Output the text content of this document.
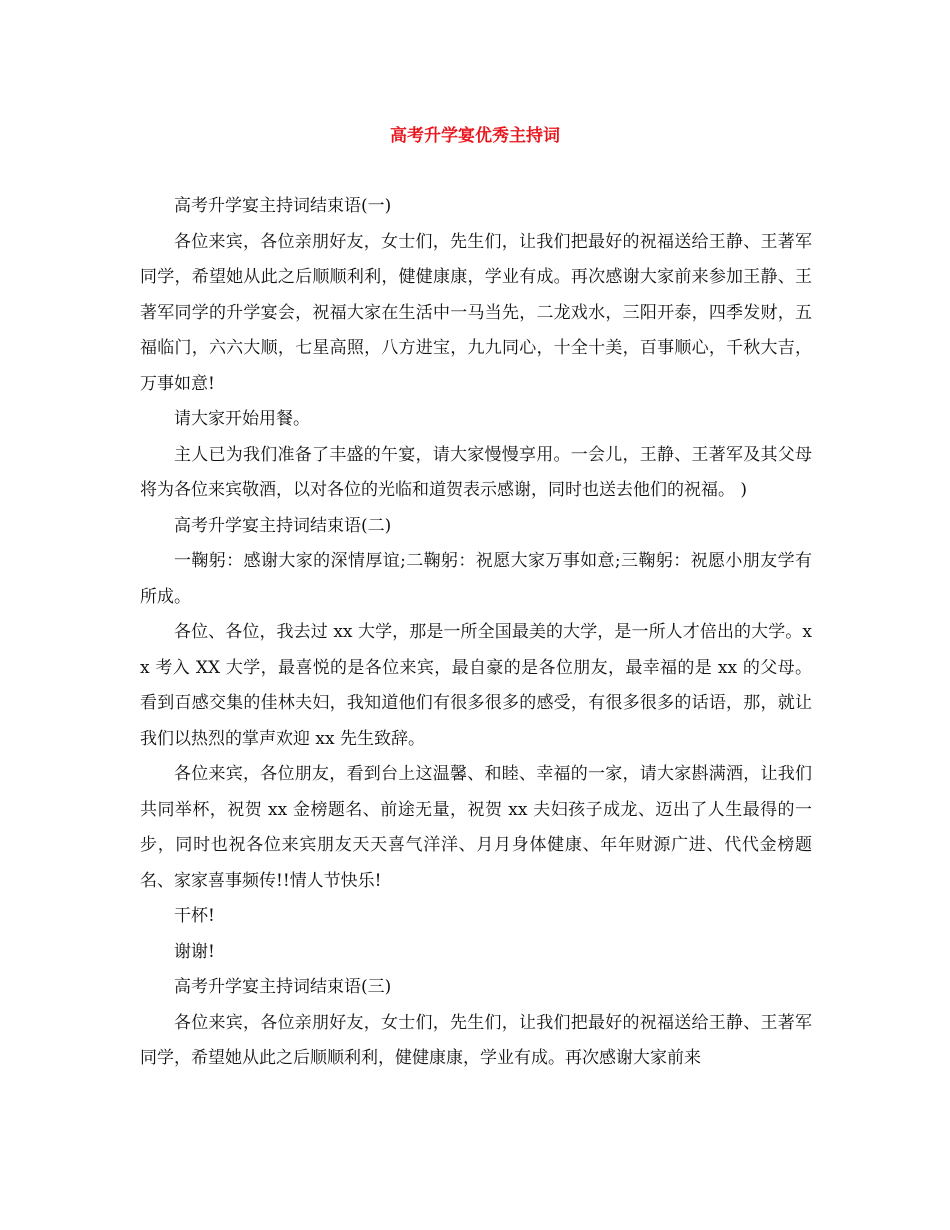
高考升学宴优秀主持词

高考升学宴主持词结束语(一)

各位来宾，各位亲朋好友，女士们，先生们，让我们把最好的祝福送给王静、王著军同学，希望她从此之后顺顺利利，健健康康，学业有成。再次感谢大家前来参加王静、王著军同学的升学宴会，祝福大家在生活中一马当先，二龙戏水，三阳开泰，四季发财，五福临门，六六大顺，七星高照，八方进宝，九九同心，十全十美，百事顺心，千秋大吉，万事如意!

请大家开始用餐。

主人已为我们准备了丰盛的午宴，请大家慢慢享用。一会儿，王静、王著军及其父母将为各位来宾敬酒，以对各位的光临和道贺表示感谢，同时也送去他们的祝福。 )

高考升学宴主持词结束语(二)

一鞠躬：感谢大家的深情厚谊;二鞠躬：祝愿大家万事如意;三鞠躬：祝愿小朋友学有所成。

各位、各位，我去过 xx 大学，那是一所全国最美的大学，是一所人才倍出的大学。xx 考入 XX 大学，最喜悦的是各位来宾，最自豪的是各位朋友，最幸福的是 xx 的父母。看到百感交集的佳林夫妇，我知道他们有很多很多的感受，有很多很多的话语，那，就让我们以热烈的掌声欢迎 xx 先生致辞。

各位来宾，各位朋友，看到台上这温馨、和睦、幸福的一家，请大家斟满酒，让我们共同举杯，祝贺 xx 金榜题名、前途无量，祝贺 xx 夫妇孩子成龙、迈出了人生最得的一步，同时也祝各位来宾朋友天天喜气洋洋、月月身体健康、年年财源广进、代代金榜题名、家家喜事频传!!情人节快乐!

干杯!

谢谢!

高考升学宴主持词结束语(三)

各位来宾，各位亲朋好友，女士们，先生们，让我们把最好的祝福送给王静、王著军同学，希望她从此之后顺顺利利，健健康康，学业有成。再次感谢大家前来
